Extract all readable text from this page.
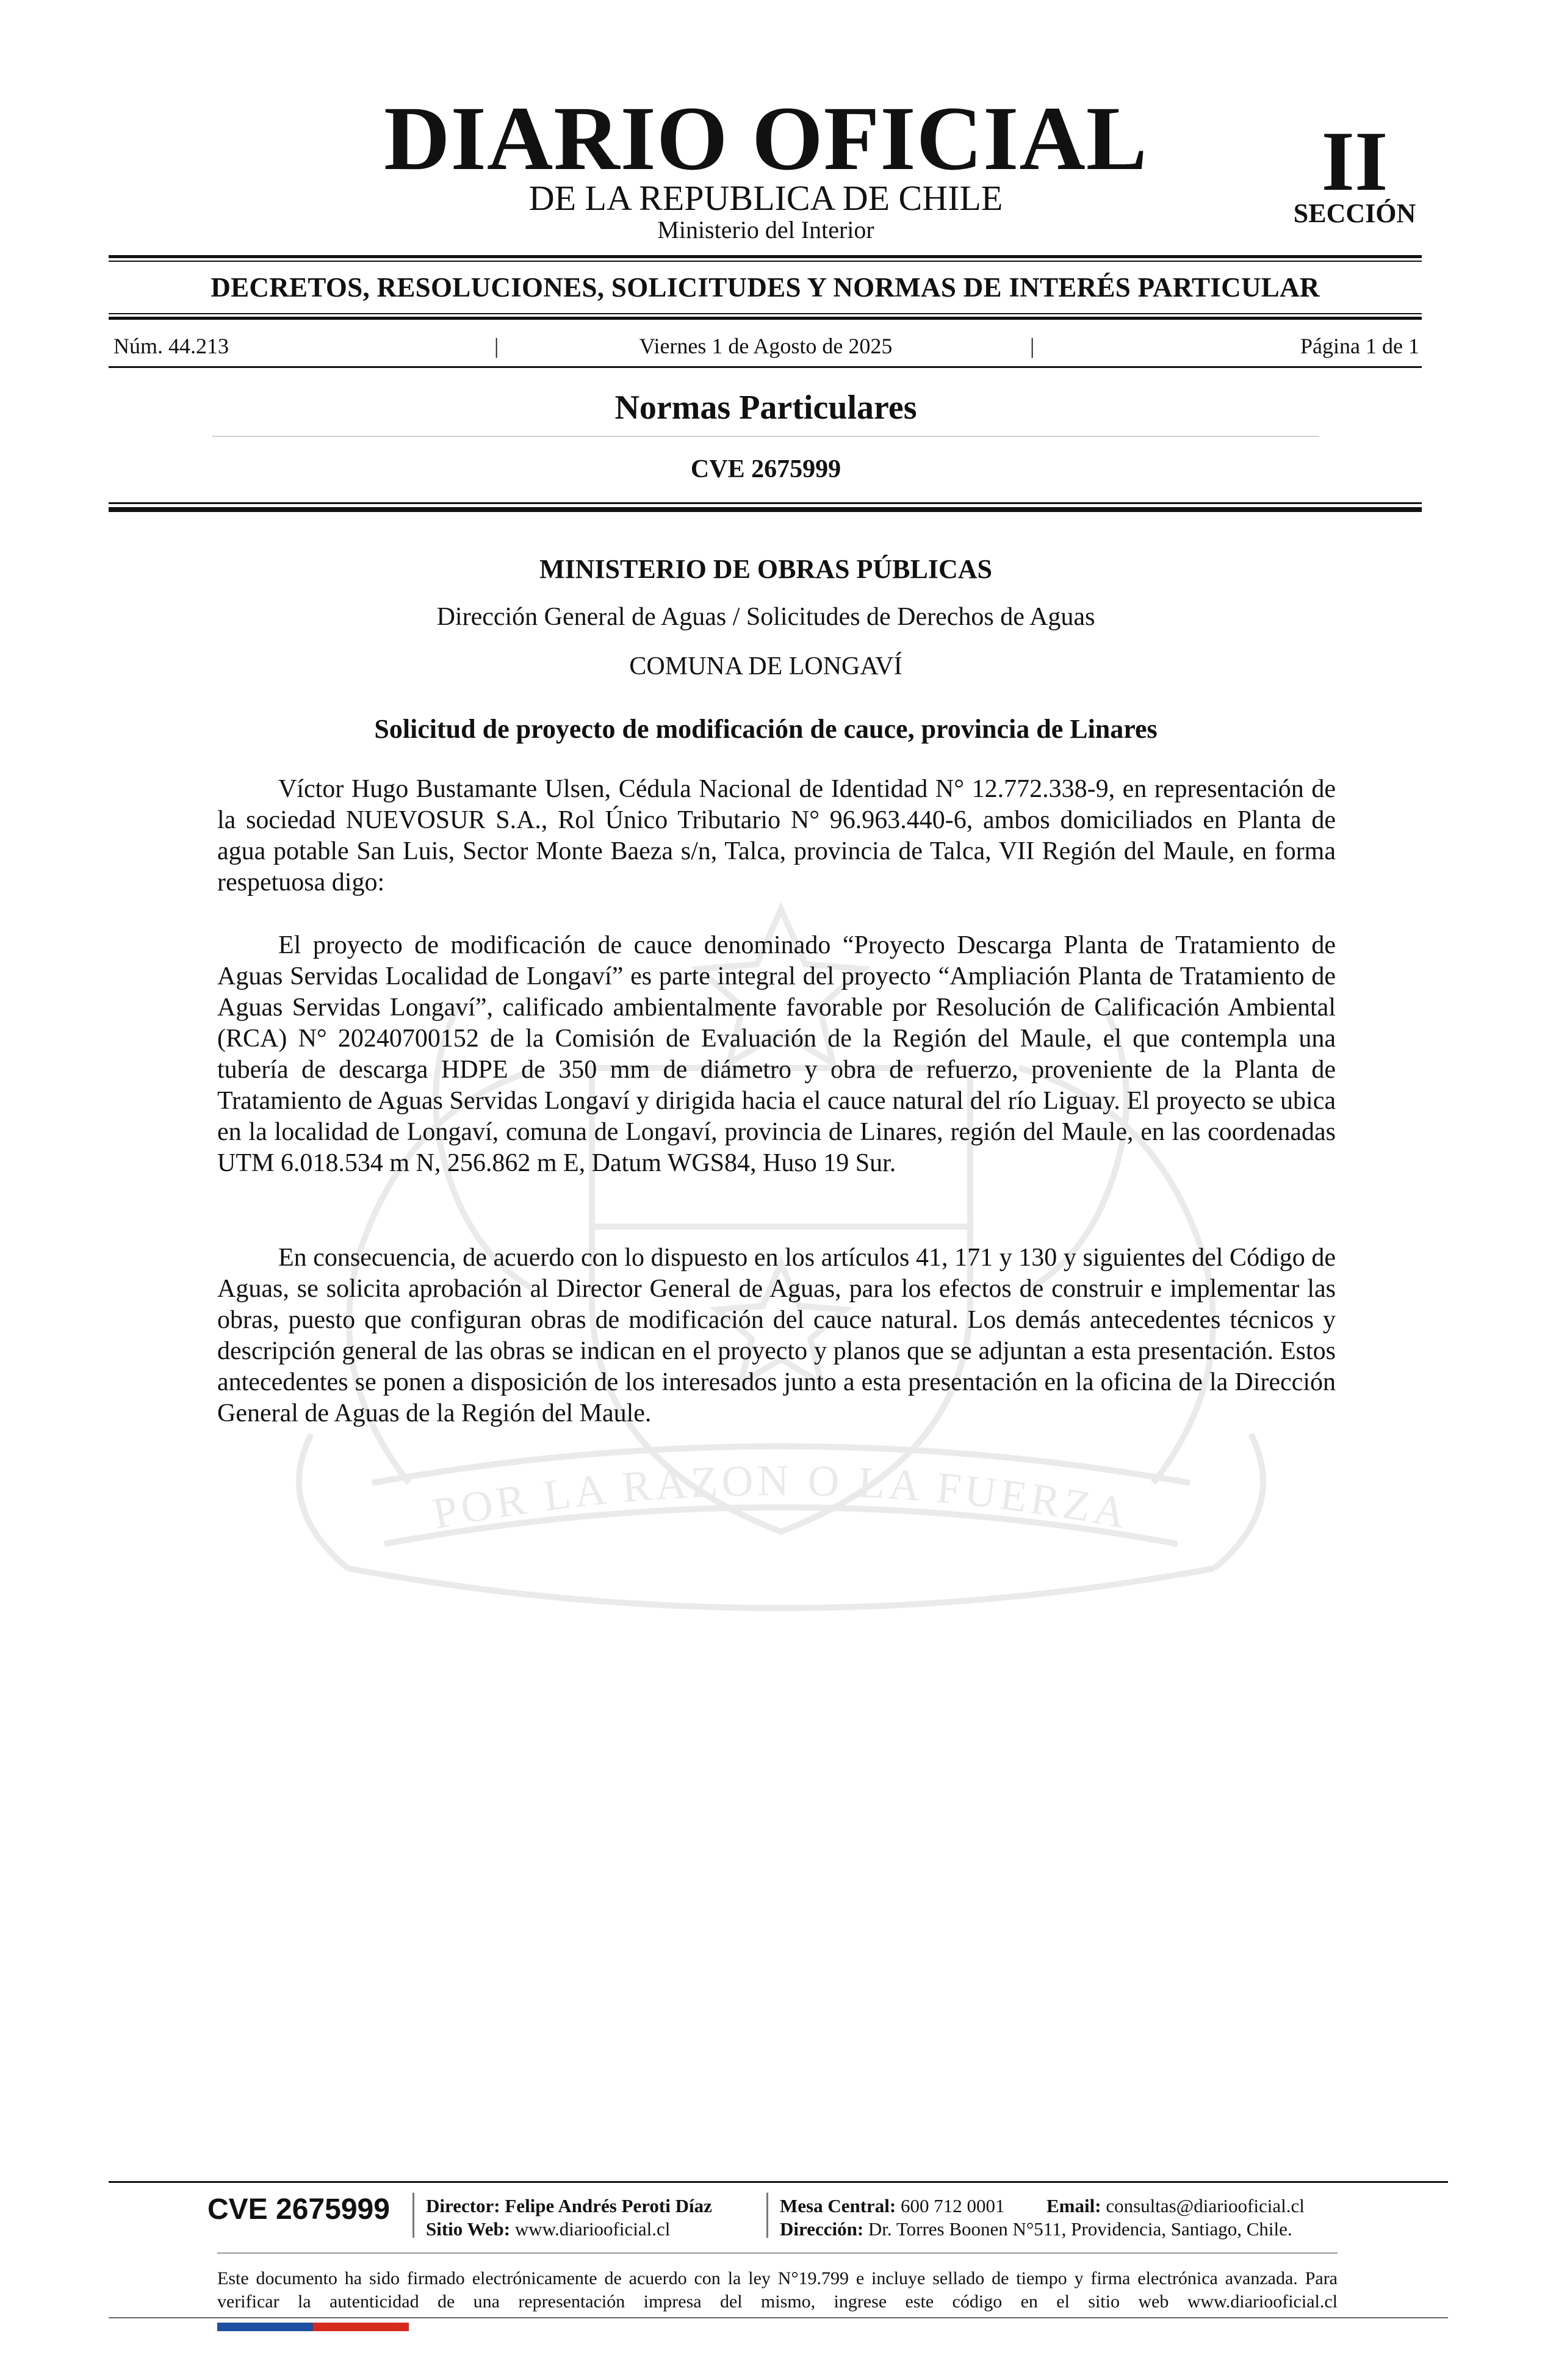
DIARIO OFICIAL
DE LA REPUBLICA DE CHILE
Ministerio del Interior
II
SECCIÓN
DECRETOS, RESOLUCIONES, SOLICITUDES Y NORMAS DE INTERÉS PARTICULAR
Núm. 44.213	|	Viernes 1 de Agosto de 2025	|	Página 1 de 1
Normas Particulares
CVE 2675999
POR LA RAZON O LA FUERZA
MINISTERIO DE OBRAS PÚBLICAS
Dirección General de Aguas / Solicitudes de Derechos de Aguas
COMUNA DE LONGAVÍ
Solicitud de proyecto de modificación de cauce, provincia de Linares

Víctor Hugo Bustamante Ulsen, Cédula Nacional de Identidad N° 12.772.338-9, en representación de la sociedad NUEVOSUR S.A., Rol Único Tributario N° 96.963.440-6, ambos domiciliados en Planta de agua potable San Luis, Sector Monte Baeza s/n, Talca, provincia de Talca, VII Región del Maule, en forma respetuosa digo:

El proyecto de modificación de cauce denominado “Proyecto Descarga Planta de Tratamiento de Aguas Servidas Localidad de Longaví” es parte integral del proyecto “Ampliación Planta de Tratamiento de Aguas Servidas Longaví”, calificado ambientalmente favorable por Resolución de Calificación Ambiental (RCA) N° 20240700152 de la Comisión de Evaluación de la Región del Maule, el que contempla una tubería de descarga HDPE de 350 mm de diámetro y obra de refuerzo, proveniente de la Planta de Tratamiento de Aguas Servidas Longaví y dirigida hacia el cauce natural del río Liguay. El proyecto se ubica en la localidad de Longaví, comuna de Longaví, provincia de Linares, región del Maule, en las coordenadas UTM 6.018.534 m N, 256.862 m E, Datum WGS84, Huso 19 Sur.

En consecuencia, de acuerdo con lo dispuesto en los artículos 41, 171 y 130 y siguientes del Código de Aguas, se solicita aprobación al Director General de Aguas, para los efectos de construir e implementar las obras, puesto que configuran obras de modificación del cauce natural. Los demás antecedentes técnicos y descripción general de las obras se indican en el proyecto y planos que se adjuntan a esta presentación. Estos antecedentes se ponen a disposición de los interesados junto a esta presentación en la oficina de la Dirección General de Aguas de la Región del Maule.

CVE 2675999	Director: Felipe Andrés Peroti Díaz
Sitio Web: www.diariooficial.cl
Mesa Central: 600 712 0001 Email: consultas@diariooficial.cl
Dirección: Dr. Torres Boonen N°511, Providencia, Santiago, Chile.

Este documento ha sido firmado electrónicamente de acuerdo con la ley N°19.799 e incluye sellado de tiempo y firma electrónica avanzada. Para verificar la autenticidad de una representación impresa del mismo, ingrese este código en el sitio web www.diariooficial.cl
